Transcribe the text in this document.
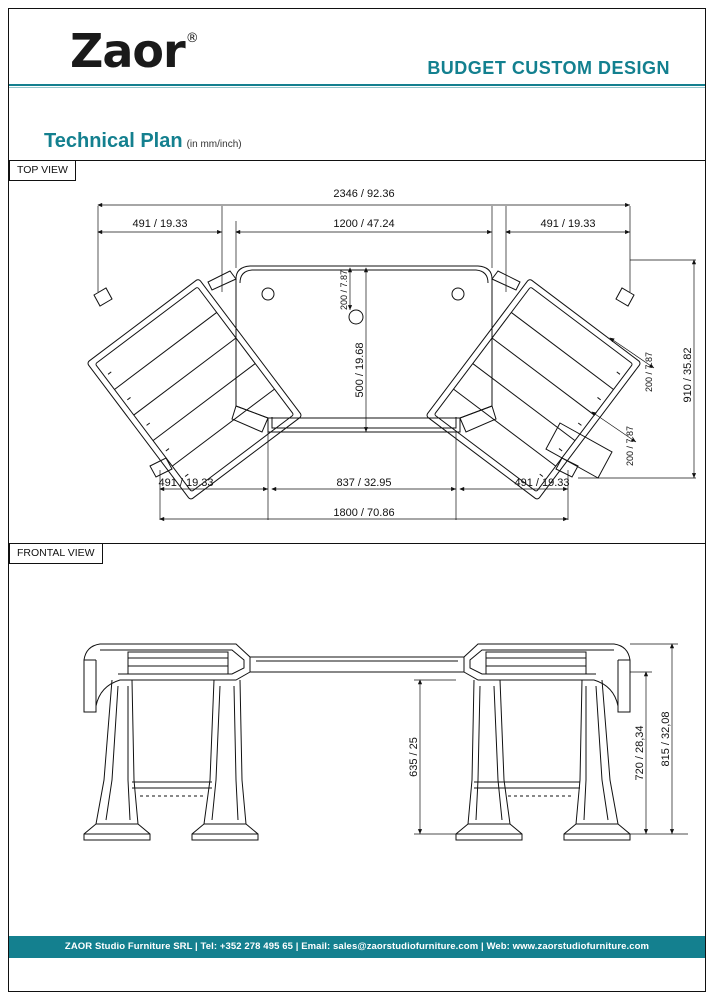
Zaor®
BUDGET CUSTOM DESIGN
Technical Plan (in mm/inch)
TOP VIEW
FRONTAL VIEW
2346 / 92.36
491 / 19.33	1200 / 47.24	491 / 19.33
491 / 19.33	837 / 32.95	491 / 19.33
1800 / 70.86
200 / 7.87
500 / 19.68	910 / 35.82
200 / 7.87
200 / 7.87
635 / 25	720 / 28,34 815 / 32,08
ZAOR Studio Furniture SRL | Tel: +352 278 495 65 | Email: sales@zaorstudiofurniture.com | Web: www.zaorstudiofurniture.com
